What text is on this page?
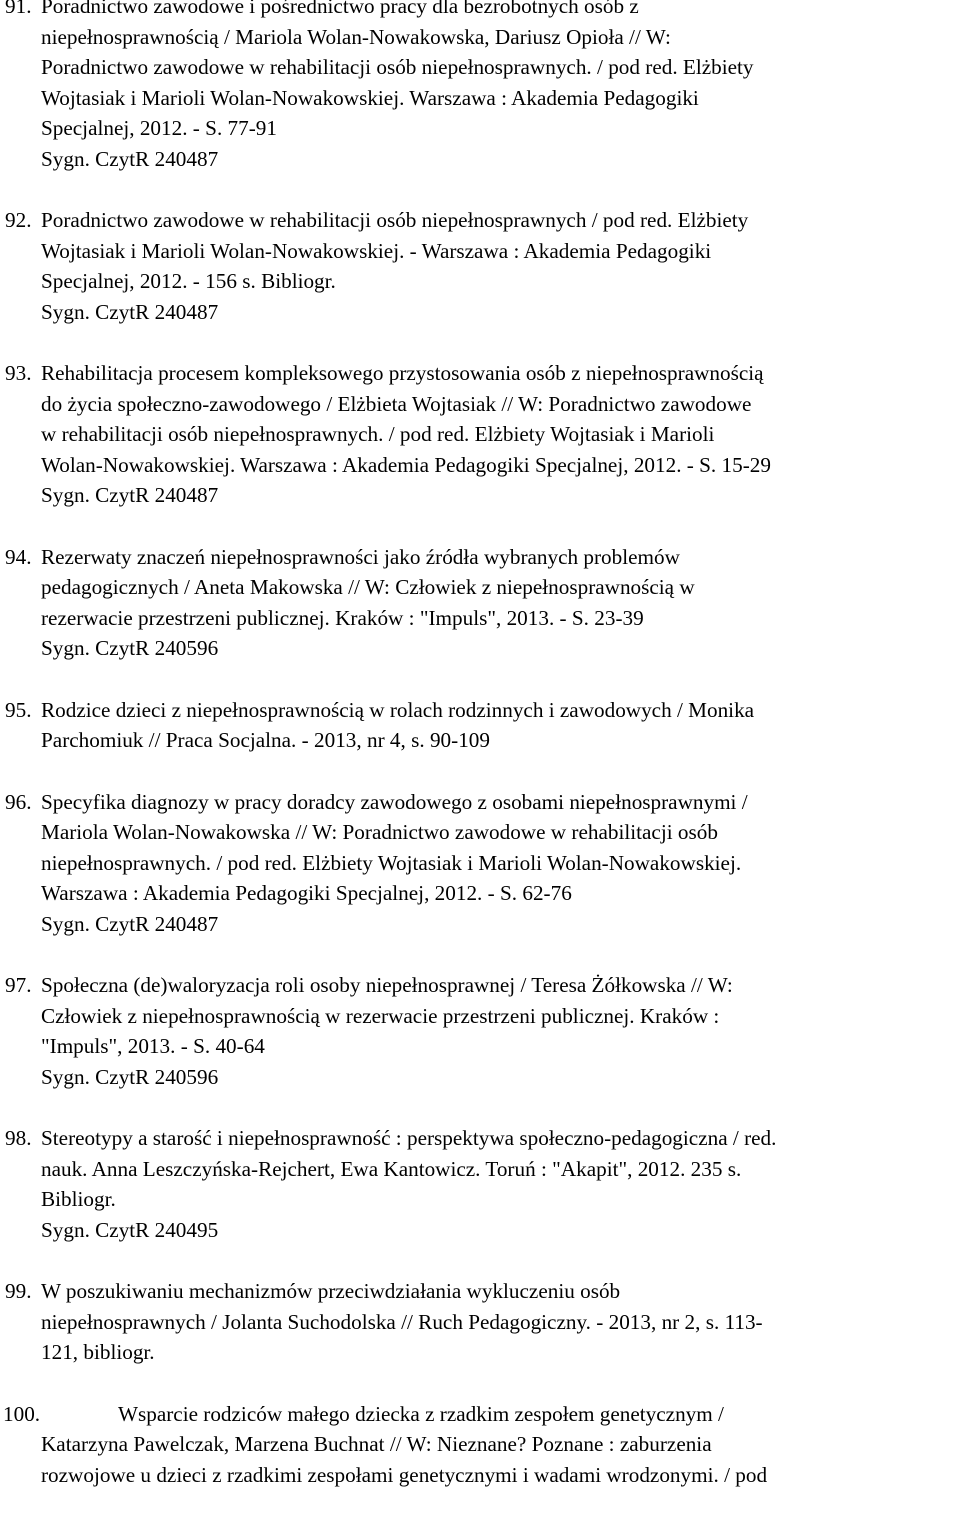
91. Poradnictwo zawodowe i pośrednictwo pracy dla bezrobotnych osób z
niepełnosprawnością / Mariola Wolan-Nowakowska, Dariusz Opioła // W:
Poradnictwo zawodowe w rehabilitacji osób niepełnosprawnych. / pod red. Elżbiety
Wojtasiak i Marioli Wolan-Nowakowskiej. Warszawa : Akademia Pedagogiki
Specjalnej, 2012. - S. 77-91
Sygn. CzytR 240487
92. Poradnictwo zawodowe w rehabilitacji osób niepełnosprawnych / pod red. Elżbiety
Wojtasiak i Marioli Wolan-Nowakowskiej. - Warszawa : Akademia Pedagogiki
Specjalnej, 2012. - 156 s. Bibliogr.
Sygn. CzytR 240487
93. Rehabilitacja procesem kompleksowego przystosowania osób z niepełnosprawnością
do życia społeczno-zawodowego / Elżbieta Wojtasiak // W: Poradnictwo zawodowe
w rehabilitacji osób niepełnosprawnych. / pod red. Elżbiety Wojtasiak i Marioli
Wolan-Nowakowskiej. Warszawa : Akademia Pedagogiki Specjalnej, 2012. - S. 15-29
Sygn. CzytR 240487
94. Rezerwaty znaczeń niepełnosprawności jako źródła wybranych problemów
pedagogicznych / Aneta Makowska // W: Człowiek z niepełnosprawnością w
rezerwacie przestrzeni publicznej. Kraków : "Impuls", 2013. - S. 23-39
Sygn. CzytR 240596
95. Rodzice dzieci z niepełnosprawnością w rolach rodzinnych i zawodowych / Monika
Parchomiuk // Praca Socjalna. - 2013, nr 4, s. 90-109
96. Specyfika diagnozy w pracy doradcy zawodowego z osobami niepełnosprawnymi /
Mariola Wolan-Nowakowska // W: Poradnictwo zawodowe w rehabilitacji osób
niepełnosprawnych. / pod red. Elżbiety Wojtasiak i Marioli Wolan-Nowakowskiej.
Warszawa : Akademia Pedagogiki Specjalnej, 2012. - S. 62-76
Sygn. CzytR 240487
97. Społeczna (de)waloryzacja roli osoby niepełnosprawnej / Teresa Żółkowska // W:
Człowiek z niepełnosprawnością w rezerwacie przestrzeni publicznej. Kraków :
"Impuls", 2013. - S. 40-64
Sygn. CzytR 240596
98. Stereotypy a starość i niepełnosprawność : perspektywa społeczno-pedagogiczna / red.
nauk. Anna Leszczyńska-Rejchert, Ewa Kantowicz. Toruń : "Akapit", 2012. 235 s.
Bibliogr.
Sygn. CzytR 240495
99. W poszukiwaniu mechanizmów przeciwdziałania wykluczeniu osób
niepełnosprawnych / Jolanta Suchodolska // Ruch Pedagogiczny. - 2013, nr 2, s. 113-
121, bibliogr.
100.	Wsparcie rodziców małego dziecka z rzadkim zespołem genetycznym /
Katarzyna Pawelczak, Marzena Buchnat // W: Nieznane? Poznane : zaburzenia
rozwojowe u dzieci z rzadkimi zespołami genetycznymi i wadami wrodzonymi. / pod
